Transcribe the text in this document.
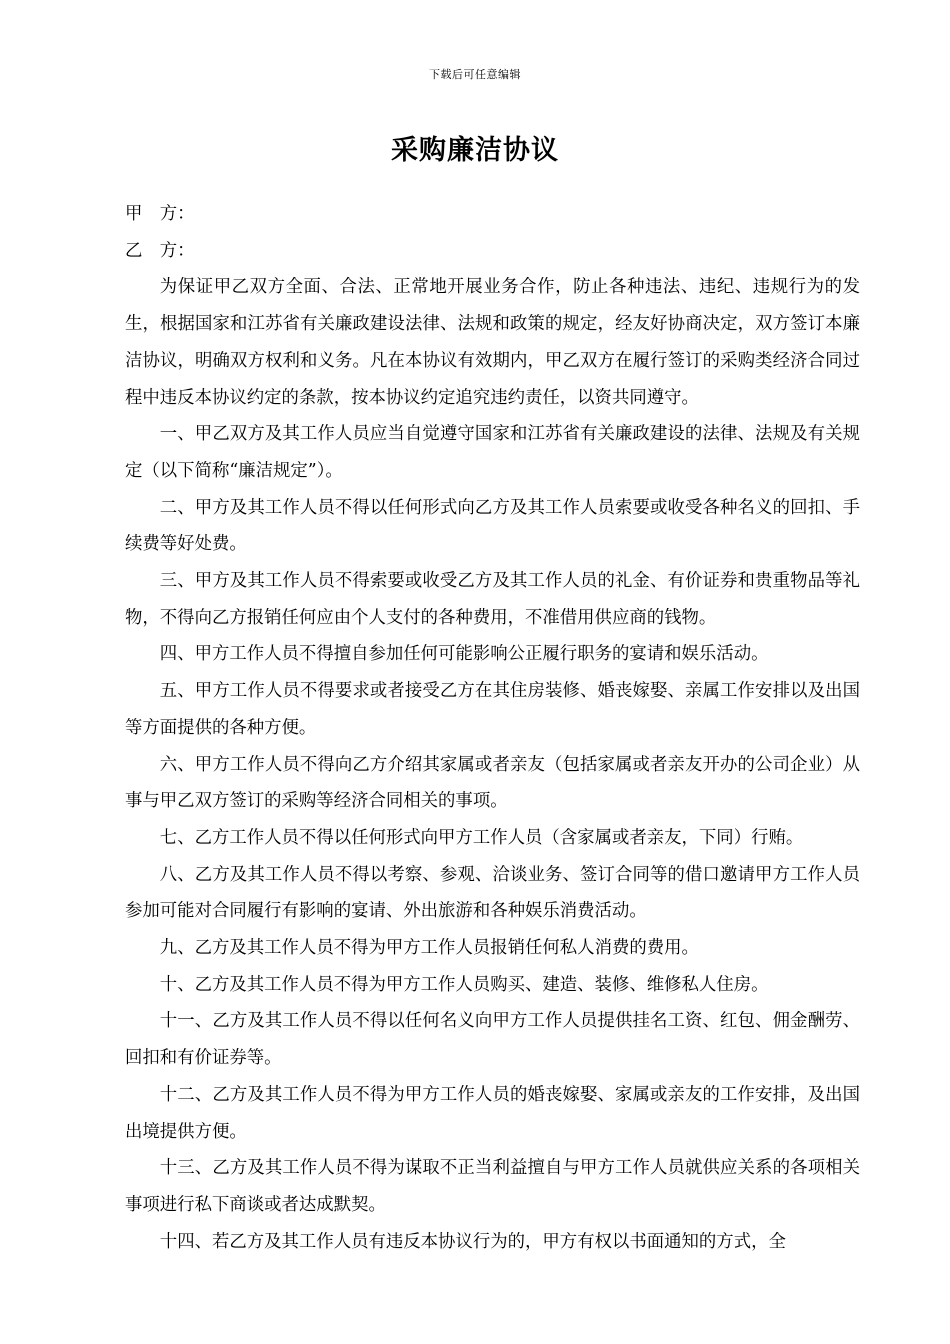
下载后可任意编辑
采购廉洁协议

甲　方：

乙　方：

为保证甲乙双方全面、合法、正常地开展业务合作，防止各种违法、违纪、违规行为的发生，根据国家和江苏省有关廉政建设法律、法规和政策的规定，经友好协商决定，双方签订本廉洁协议，明确双方权利和义务。凡在本协议有效期内，甲乙双方在履行签订的采购类经济合同过程中违反本协议约定的条款，按本协议约定追究违约责任，以资共同遵守。

一、甲乙双方及其工作人员应当自觉遵守国家和江苏省有关廉政建设的法律、法规及有关规定（以下简称“廉洁规定”）。

二、甲方及其工作人员不得以任何形式向乙方及其工作人员索要或收受各种名义的回扣、手续费等好处费。

三、甲方及其工作人员不得索要或收受乙方及其工作人员的礼金、有价证券和贵重物品等礼物，不得向乙方报销任何应由个人支付的各种费用，不准借用供应商的钱物。

四、甲方工作人员不得擅自参加任何可能影响公正履行职务的宴请和娱乐活动。

五、甲方工作人员不得要求或者接受乙方在其住房装修、婚丧嫁娶、亲属工作安排以及出国等方面提供的各种方便。

六、甲方工作人员不得向乙方介绍其家属或者亲友（包括家属或者亲友开办的公司企业）从事与甲乙双方签订的采购等经济合同相关的事项。

七、乙方工作人员不得以任何形式向甲方工作人员（含家属或者亲友，下同）行贿。

八、乙方及其工作人员不得以考察、参观、洽谈业务、签订合同等的借口邀请甲方工作人员参加可能对合同履行有影响的宴请、外出旅游和各种娱乐消费活动。

九、乙方及其工作人员不得为甲方工作人员报销任何私人消费的费用。

十、乙方及其工作人员不得为甲方工作人员购买、建造、装修、维修私人住房。

十一、乙方及其工作人员不得以任何名义向甲方工作人员提供挂名工资、红包、佣金酬劳、回扣和有价证券等。

十二、乙方及其工作人员不得为甲方工作人员的婚丧嫁娶、家属或亲友的工作安排，及出国出境提供方便。

十三、乙方及其工作人员不得为谋取不正当利益擅自与甲方工作人员就供应关系的各项相关事项进行私下商谈或者达成默契。

十四、若乙方及其工作人员有违反本协议行为的，甲方有权以书面通知的方式，全
